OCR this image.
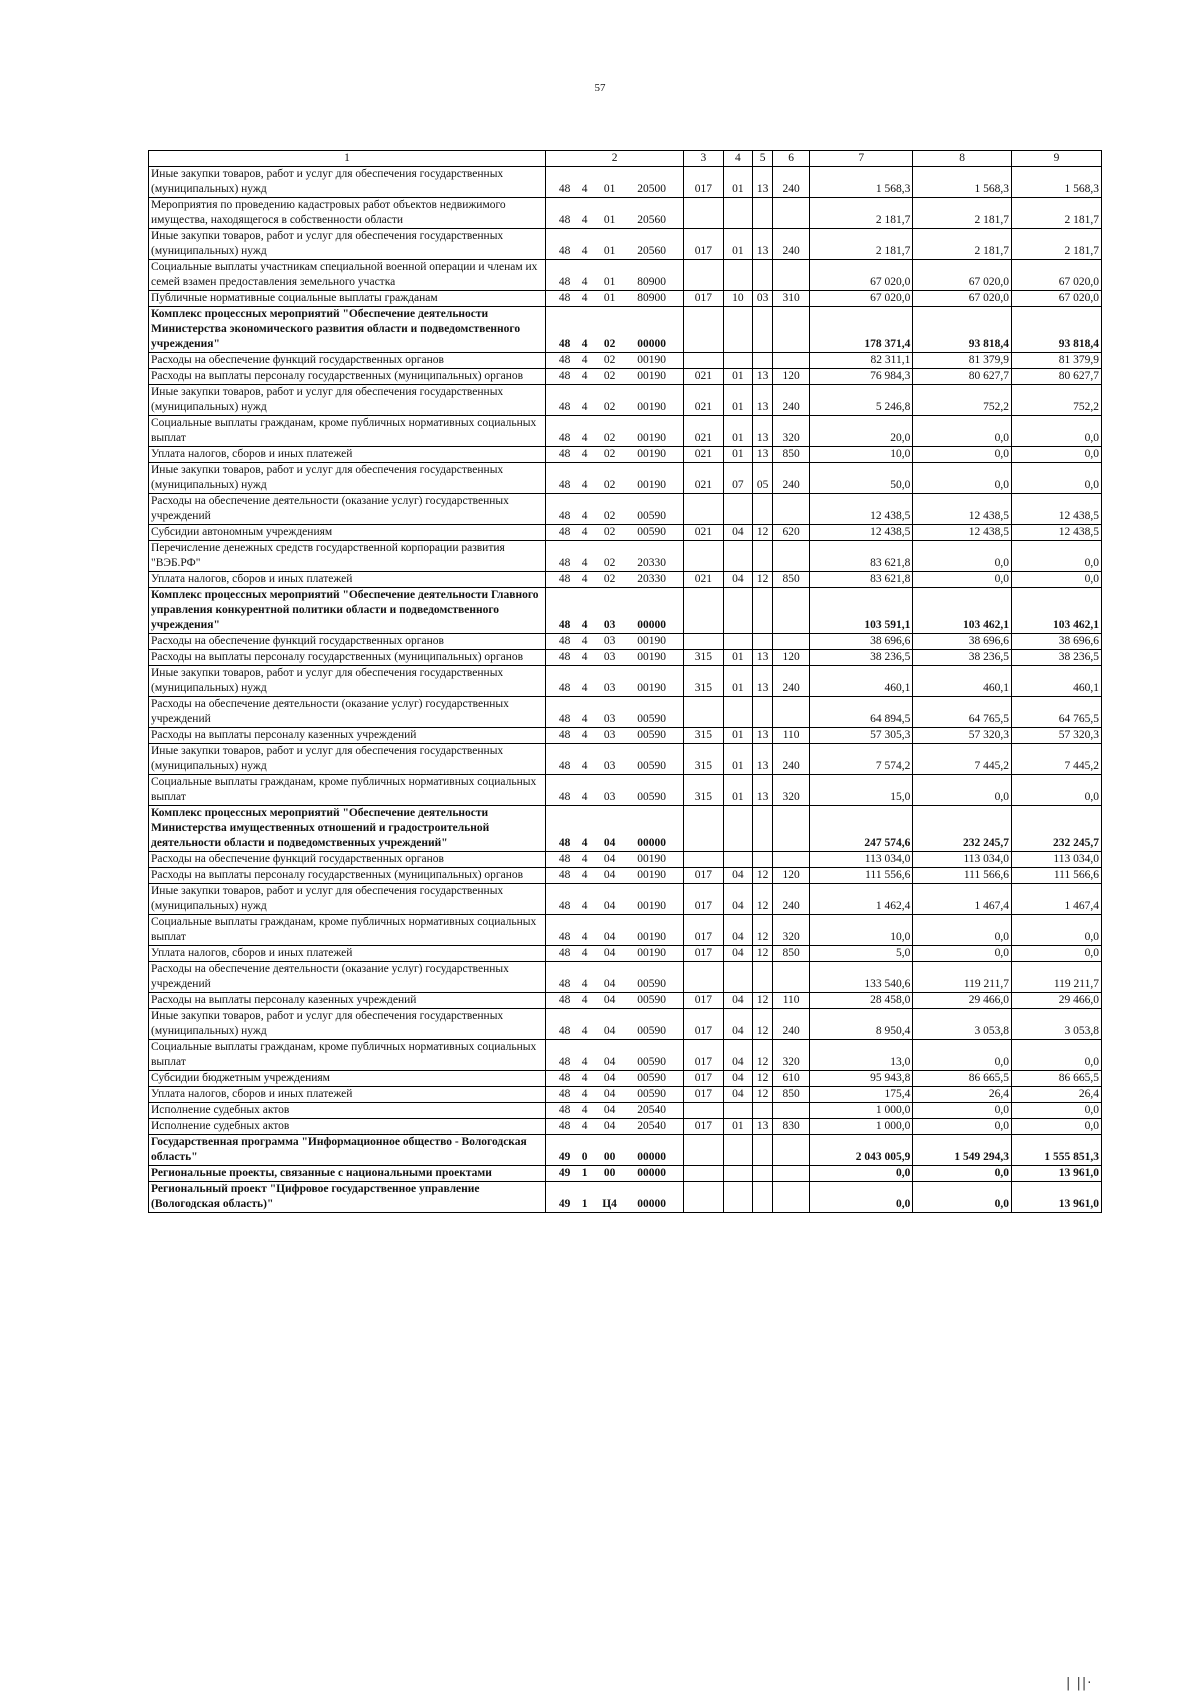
57
1	2	3	4	5	6	7	8	9
Иные закупки товаров, работ и услуг для обеспечения государственных (муниципальных) нужд	48 4 01 20500	017	01	13	240	1 568,3	1 568,3	1 568,3
Мероприятия по проведению кадастровых работ объектов недвижимого имущества, находящегося в собственности области	48 4 01 20560					2 181,7	2 181,7	2 181,7
Иные закупки товаров, работ и услуг для обеспечения государственных (муниципальных) нужд	48 4 01 20560	017	01	13	240	2 181,7	2 181,7	2 181,7
Социальные выплаты участникам специальной военной операции и членам их семей взамен предоставления земельного участка	48 4 01 80900					67 020,0	67 020,0	67 020,0
Публичные нормативные социальные выплаты гражданам	48 4 01 80900	017	10	03	310	67 020,0	67 020,0	67 020,0
Комплекс процессных мероприятий "Обеспечение деятельности Министерства экономического развития области и подведомственного учреждения"	48 4 02 00000					178 371,4	93 818,4	93 818,4
Расходы на обеспечение функций государственных органов	48 4 02 00190					82 311,1	81 379,9	81 379,9
Расходы на выплаты персоналу государственных (муниципальных) органов	48 4 02 00190	021	01	13	120	76 984,3	80 627,7	80 627,7
Иные закупки товаров, работ и услуг для обеспечения государственных (муниципальных) нужд	48 4 02 00190	021	01	13	240	5 246,8	752,2	752,2
Социальные выплаты гражданам, кроме публичных нормативных социальных выплат	48 4 02 00190	021	01	13	320	20,0	0,0	0,0
Уплата налогов, сборов и иных платежей	48 4 02 00190	021	01	13	850	10,0	0,0	0,0
Иные закупки товаров, работ и услуг для обеспечения государственных (муниципальных) нужд	48 4 02 00190	021	07	05	240	50,0	0,0	0,0
Расходы на обеспечение деятельности (оказание услуг) государственных учреждений	48 4 02 00590					12 438,5	12 438,5	12 438,5
Субсидии автономным учреждениям	48 4 02 00590	021	04	12	620	12 438,5	12 438,5	12 438,5
Перечисление денежных средств государственной корпорации развития "ВЭБ.РФ"	48 4 02 20330					83 621,8	0,0	0,0
Уплата налогов, сборов и иных платежей	48 4 02 20330	021	04	12	850	83 621,8	0,0	0,0
Комплекс процессных мероприятий "Обеспечение деятельности Главного управления конкурентной политики области и подведомственного учреждения"	48 4 03 00000					103 591,1	103 462,1	103 462,1
Расходы на обеспечение функций государственных органов	48 4 03 00190					38 696,6	38 696,6	38 696,6
Расходы на выплаты персоналу государственных (муниципальных) органов	48 4 03 00190	315	01	13	120	38 236,5	38 236,5	38 236,5
Иные закупки товаров, работ и услуг для обеспечения государственных (муниципальных) нужд	48 4 03 00190	315	01	13	240	460,1	460,1	460,1
Расходы на обеспечение деятельности (оказание услуг) государственных учреждений	48 4 03 00590					64 894,5	64 765,5	64 765,5
Расходы на выплаты персоналу казенных учреждений	48 4 03 00590	315	01	13	110	57 305,3	57 320,3	57 320,3
Иные закупки товаров, работ и услуг для обеспечения государственных (муниципальных) нужд	48 4 03 00590	315	01	13	240	7 574,2	7 445,2	7 445,2
Социальные выплаты гражданам, кроме публичных нормативных социальных выплат	48 4 03 00590	315	01	13	320	15,0	0,0	0,0
Комплекс процессных мероприятий "Обеспечение деятельности Министерства имущественных отношений и градостроительной деятельности области и подведомственных учреждений"	48 4 04 00000					247 574,6	232 245,7	232 245,7
Расходы на обеспечение функций государственных органов	48 4 04 00190					113 034,0	113 034,0	113 034,0
Расходы на выплаты персоналу государственных (муниципальных) органов	48 4 04 00190	017	04	12	120	111 556,6	111 566,6	111 566,6
Иные закупки товаров, работ и услуг для обеспечения государственных (муниципальных) нужд	48 4 04 00190	017	04	12	240	1 462,4	1 467,4	1 467,4
Социальные выплаты гражданам, кроме публичных нормативных социальных выплат	48 4 04 00190	017	04	12	320	10,0	0,0	0,0
Уплата налогов, сборов и иных платежей	48 4 04 00190	017	04	12	850	5,0	0,0	0,0
Расходы на обеспечение деятельности (оказание услуг) государственных учреждений	48 4 04 00590					133 540,6	119 211,7	119 211,7
Расходы на выплаты персоналу казенных учреждений	48 4 04 00590	017	04	12	110	28 458,0	29 466,0	29 466,0
Иные закупки товаров, работ и услуг для обеспечения государственных (муниципальных) нужд	48 4 04 00590	017	04	12	240	8 950,4	3 053,8	3 053,8
Социальные выплаты гражданам, кроме публичных нормативных социальных выплат	48 4 04 00590	017	04	12	320	13,0	0,0	0,0
Субсидии бюджетным учреждениям	48 4 04 00590	017	04	12	610	95 943,8	86 665,5	86 665,5
Уплата налогов, сборов и иных платежей	48 4 04 00590	017	04	12	850	175,4	26,4	26,4
Исполнение судебных актов	48 4 04 20540					1 000,0	0,0	0,0
Исполнение судебных актов	48 4 04 20540	017	01	13	830	1 000,0	0,0	0,0
Государственная программа "Информационное общество - Вологодская область"	49 0 00 00000					2 043 005,9	1 549 294,3	1 555 851,3
Региональные проекты, связанные с национальными проектами	49 1 00 00000					0,0	0,0	13 961,0
Региональный проект "Цифровое государственное управление (Вологодская область)"	49 1 Ц4 00000					0,0	0,0	13 961,0
| ||·
